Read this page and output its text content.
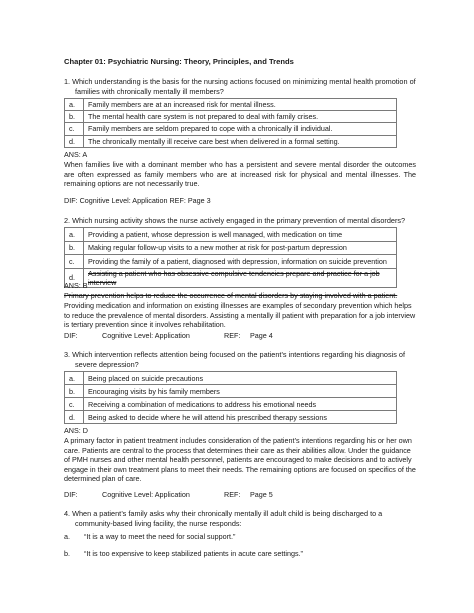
Chapter 01: Psychiatric Nursing: Theory, Principles, and Trends
1. Which understanding is the basis for the nursing actions focused on minimizing mental health promotion of
families with chronically mentally ill members?
a.	Family members are at an increased risk for mental illness.
b.	The mental health care system is not prepared to deal with family crises.
c.	Family members are seldom prepared to cope with a chronically ill individual.
d.	The chronically mentally ill receive care best when delivered in a formal setting.
ANS: A
When families live with a dominant member who has a persistent and severe mental disorder the outcomes are often expressed as family members who are at increased risk for physical and mental illnesses. The remaining options are not necessarily true.
DIF: Cognitive Level: Application REF: Page 3
2. Which nursing activity shows the nurse actively engaged in the primary prevention of mental disorders?
a.	Providing a patient, whose depression is well managed, with medication on time
b.	Making regular follow-up visits to a new mother at risk for post-partum depression
c.	Providing the family of a patient, diagnosed with depression, information on suicide prevention
d.	Assisting a patient who has obsessive compulsive tendencies prepare and practice for a job interview
ANS: B
Primary prevention helps to reduce the occurrence of mental disorders by staying involved with a patient.
Providing medication and information on existing illnesses are examples of secondary prevention which helps to reduce the prevalence of mental disorders. Assisting a mentally ill patient with preparation for a job interview is tertiary prevention since it involves rehabilitation.
DIF:	Cognitive Level: Application	REF: Page 4
3. Which intervention reflects attention being focused on the patient’s intentions regarding his diagnosis of
severe depression?
a.	Being placed on suicide precautions
b.	Encouraging visits by his family members
c.	Receiving a combination of medications to address his emotional needs
d.	Being asked to decide where he will attend his prescribed therapy sessions
ANS: D
A primary factor in patient treatment includes consideration of the patient’s intentions regarding his or her own care. Patients are central to the process that determines their care as their abilities allow. Under the guidance of PMH nurses and other mental health personnel, patients are encouraged to make decisions and to actively engage in their own treatment plans to meet their needs. The remaining options are focused on specifics of the determined plan of care.
DIF:	Cognitive Level: Application	REF: Page 5
4. When a patient’s family asks why their chronically mentally ill adult child is being discharged to a
community-based living facility, the nurse responds:
a. “It is a way to meet the need for social support.”
b. “It is too expensive to keep stabilized patients in acute care settings.”
